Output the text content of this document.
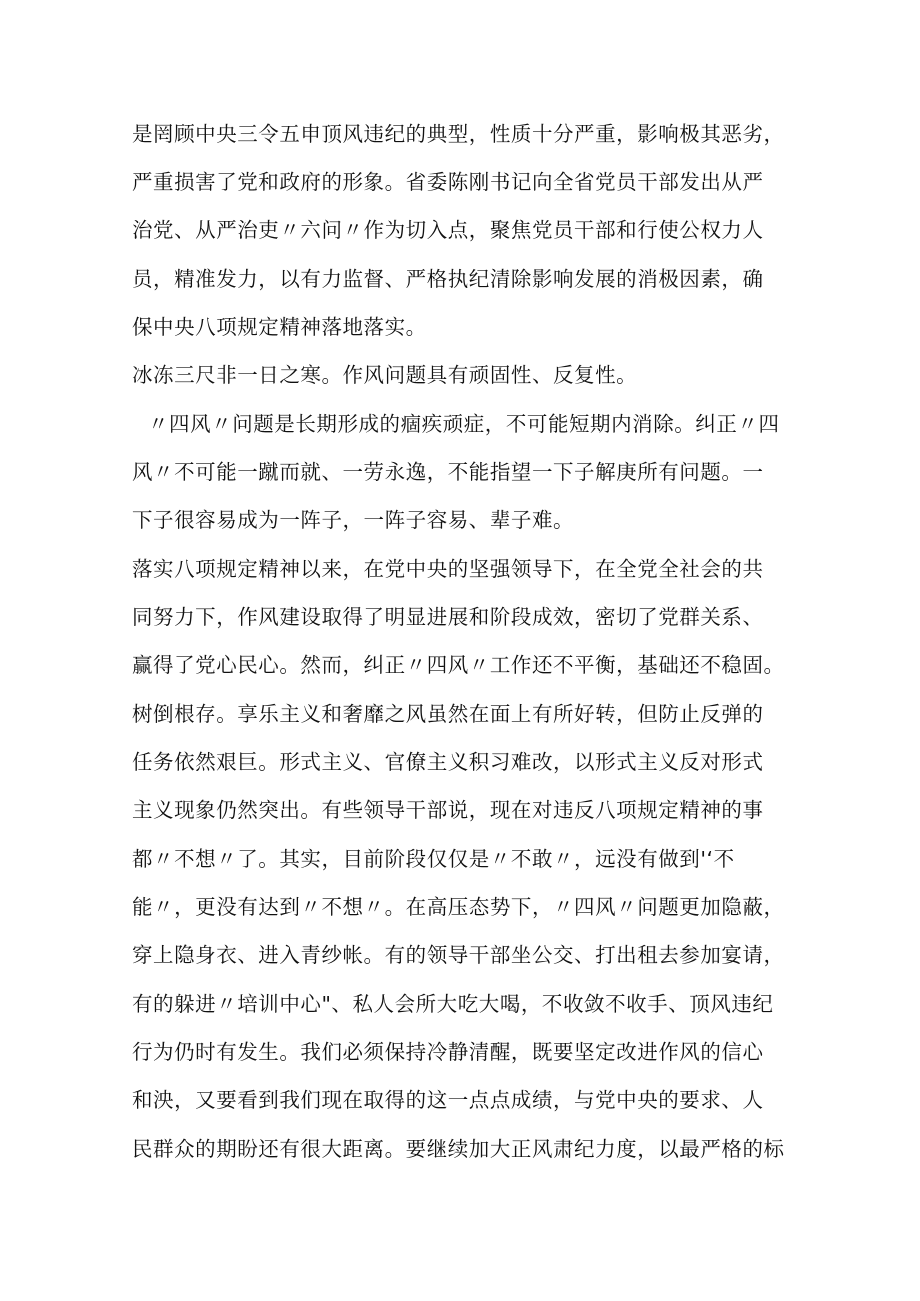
是罔顾中央三令五申顶风违纪的典型，性质十分严重，影响极其恶劣，
严重损害了党和政府的形象。省委陈刚书记向全省党员干部发出从严
治党、从严治吏〃六问〃作为切入点，聚焦党员干部和行使公权力人
员，精准发力，以有力监督、严格执纪清除影响发展的消极因素，确
保中央八项规定精神落地落实。
冰冻三尺非一日之寒。作风问题具有顽固性、反复性。
〃四风〃问题是长期形成的痼疾顽症，不可能短期内消除。纠正〃四
风〃不可能一蹴而就、一劳永逸，不能指望一下子解庚所有问题。一
下子很容易成为一阵子，一阵子容易、辈子难。
落实八项规定精神以来，在党中央的坚强领导下，在全党全社会的共
同努力下，作风建设取得了明显进展和阶段成效，密切了党群关系、
赢得了党心民心。然而，纠正〃四风〃工作还不平衡，基础还不稳固。
树倒根存。享乐主义和奢靡之风虽然在面上有所好转，但防止反弹的
任务依然艰巨。形式主义、官僚主义积习难改，以形式主义反对形式
主义现象仍然突出。有些领导干部说，现在对违反八项规定精神的事
都〃不想〃了。其实，目前阶段仅仅是〃不敢〃，远没有做到'‘不
能〃，更没有达到〃不想〃。在高压态势下，〃四风〃问题更加隐蔽，
穿上隐身衣、进入青纱帐。有的领导干部坐公交、打出租去参加宴请，
有的躲进〃培训中心"、私人会所大吃大喝，不收敛不收手、顶风违纪
行为仍时有发生。我们必须保持冷静清醒，既要坚定改进作风的信心
和泱，又要看到我们现在取得的这一点点成绩，与党中央的要求、人
民群众的期盼还有很大距离。要继续加大正风肃纪力度，以最严格的标
